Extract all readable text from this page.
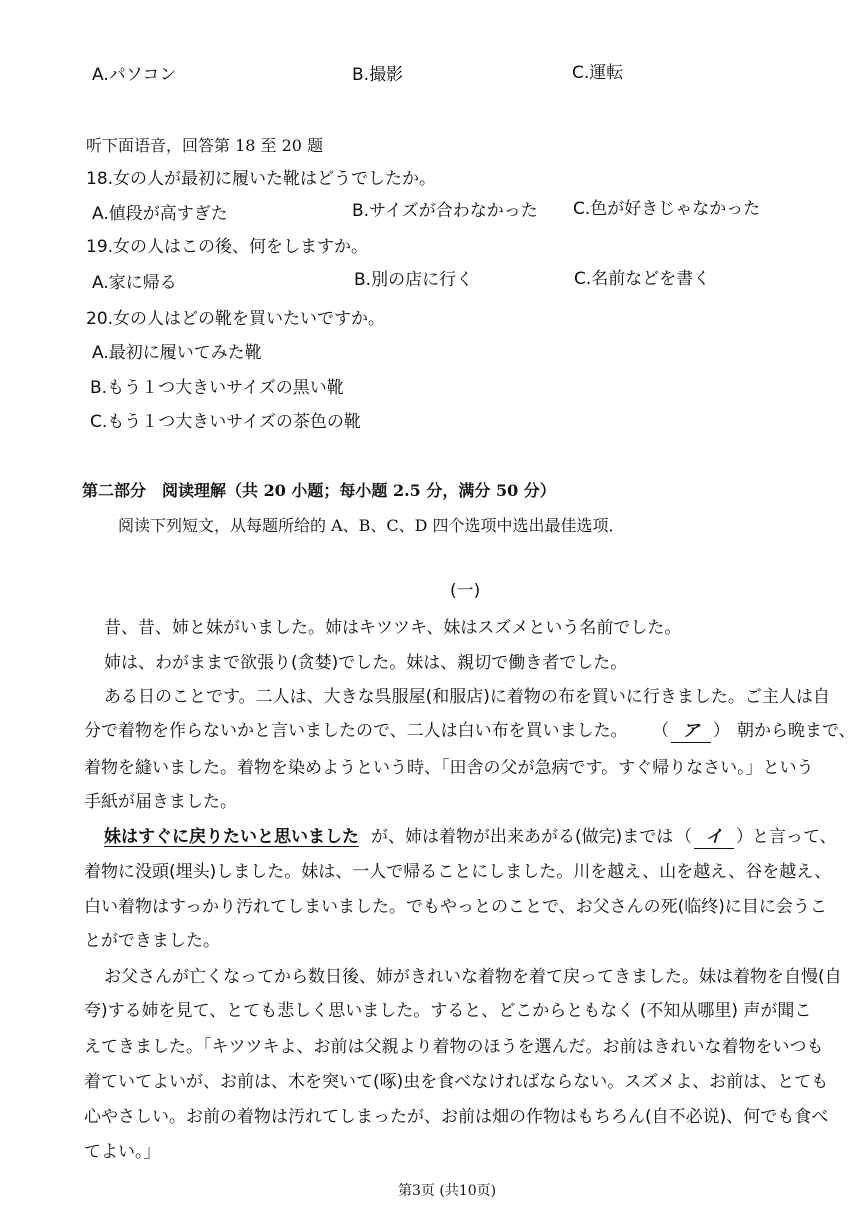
A.パソコン	B.撮影	C.運転
听下面语音，回答第 18 至 20 题
18.女の人が最初に履いた靴はどうでしたか。
A.値段が高すぎた	B.サイズが合わなかった C.色が好きじゃなかった
19.女の人はこの後、何をしますか。
A.家に帰る	B.別の店に行く	C.名前などを書く
20.女の人はどの靴を買いたいですか。
A.最初に履いてみた靴
B.もう１つ大きいサイズの黒い靴
C.もう１つ大きいサイズの茶色の靴
第二部分　阅读理解（共 20 小题；每小题 2.5 分，满分 50 分）
阅读下列短文，从每题所给的 A、B、C、D 四个选项中选出最佳选项．
(一)
昔、昔、姉と妹がいました。姉はキツツキ、妹はスズメという名前でした。
姉は、わがままで欲張り(贪婪)でした。妹は、親切で働き者でした。
ある日のことです。二人は、大きな呉服屋(和服店)に着物の布を買いに行きました。ご主人は自
分で着物を作らないかと言いましたので、二人は白い布を買いました。 （ ア ） 朝から晩まで、
着物を縫いました。着物を染めようという時、「田舎の父が急病です。すぐ帰りなさい。」という
手紙が届きました。
妹はすぐに戻りたいと思いました が、姉は着物が出来あがる(做完)までは （ イ ） と言って、
着物に没頭(埋头)しました。妹は、一人で帰ることにしました。川を越え、山を越え、谷を越え、
白い着物はすっかり汚れてしまいました。でもやっとのことで、お父さんの死(临终)に目に会うこ
とができました。
お父さんが亡くなってから数日後、姉がきれいな着物を着て戻ってきました。妹は着物を自慢(自
夸)する姉を見て、とても悲しく思いました。すると、どこからともなく (不知从哪里) 声が聞こ
えてきました。「キツツキよ、お前は父親より着物のほうを選んだ。お前はきれいな着物をいつも
着ていてよいが、お前は、木を突いて(啄)虫を食べなければならない。スズメよ、お前は、とても
心やさしい。お前の着物は汚れてしまったが、お前は畑の作物はもちろん(自不必说)、何でも食べ
てよい。」
第3页 (共10页)
